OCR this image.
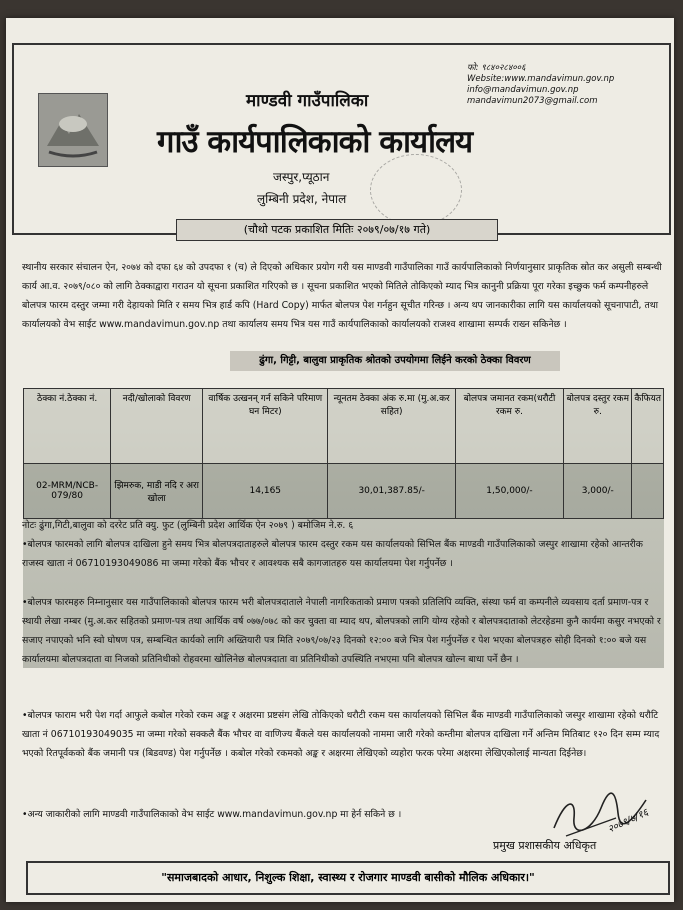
फो: ९८४०२८४००६
Website:www.mandavimun.gov.np
info@mandavimun.gov.np
mandavimun2073@gmail.com
माण्डवी गाउँपालिका
गाउँ कार्यपालिकाको कार्यालय
जस्पुर,प्यूठान
लुम्बिनी प्रदेश, नेपाल
(चौथो पटक प्रकाशित मितिः २०७९/०७/१७ गते)
स्थानीय सरकार संचालन ऐन, २०७४ को दफा ६४ को उपदफा १ (च) ले दिएको अधिकार प्रयोग गरी यस माण्डवी गाउँपालिका गाउँ कार्यपालिकाको निर्णयानुसार प्राकृतिक स्रोत कर असुली सम्बन्धी कार्य आ.व. २०७९/०८० को लागि ठेक्काद्वारा गराउन यो सूचना प्रकाशित गरिएको छ । सूचना प्रकाशित भएको मितिले तोकिएको म्याद भित्र कानुनी प्रक्रिया पूरा गरेका इच्छुक फर्म कम्पनीहरुले बोलपत्र फारम दस्तुर जम्मा गरी देहायको मिति र समय भित्र हार्ड कपि (Hard Copy) मार्फत बोलपत्र पेश गर्नहुन सूचीत गरिन्छ । अन्य थप जानकारीका लागि यस कार्यालयको सूचनापाटी, तथा कार्यालयको वेभ साईट www.mandavimun.gov.np तथा कार्यालय समय भित्र यस गाउँ कार्यपालिकाको कार्यालयको राजश्व शाखामा सम्पर्क राख्न सकिनेछ ।
ढुंगा, गिट्टी, बालुवा प्राकृतिक श्रोतको उपयोगमा लिईने करको ठेक्का विवरण
ठेक्का नं.ठेक्का नं.	नदी/खोलाको विवरण	वार्षिक उत्खनन् गर्न सकिने परिमाण घन मिटर)	न्यूनतम ठेक्का अंक रु.मा (मु.अ.कर सहित)	बोलपत्र जमानत रकम(धरौटी रकम रु.	बोलपत्र दस्तुर रकम रु.	कैफियत
02-MRM/NCB-079/80	झिमरुक, माडी नदि र अरा खोला	14,165	30,01,387.85/-	1,50,000/-	3,000/-	
नोटः ढुंगा,गिटी,बालुवा को दररेट प्रति क्यु. फुट (लुम्बिनी प्रदेश आर्थिक ऐन २०७९ ) बमोजिम ने.रु. ६
•बोलपत्र फारमको लागि बोलपत्र दाखिला हुने समय भित्र बोलपत्रदाताहरुले बोलपत्र फारम दस्तुर रकम यस कार्यालयको सिभिल बैंक माण्डवी गाउँपालिकाको जस्पुर शाखामा रहेको आन्तरीक राजस्व खाता नं 06710193049086 मा जम्मा गरेको बैंक भौचर र आवश्यक सबै कागजातहरु यस कार्यालयमा पेश गर्नुपर्नेछ ।
•बोलपत्र फारमहरु निम्नानुसार यस गाउँपालिकाको बोलपत्र फारम भरी बोलपत्रदाताले नेपाली नागरिकताको प्रमाण पत्रको प्रतिलिपि व्यक्ति, संस्था फर्म वा कम्पनीले व्यवसाय दर्ता प्रमाण-पत्र र स्थायी लेखा नम्बर (मु.अ.कर सहितको प्रमाण-पत्र तथा आर्थिक वर्ष ०७७/०७८ को कर चुक्ता वा म्याद थप, बोलपत्रको लागि योग्य रहेको र बोलपत्रदाताको लेटरहेडमा कुनै कार्यमा कसुर नभएको र सजाए नपाएको भनि स्वो घोषण पत्र, सम्बन्धित कार्यको लागि अख्तियारी पत्र मिति २०७९/०७/२३ दिनको १२:०० बजे भित्र पेश गर्नुपर्नेछ र पेश भएका बोलपत्रहरु सोही दिनको १:०० बजे यस कार्यालयमा बोलपत्रदाता वा निजको प्रतिनिधीको रोहवरमा खोलिनेछ बोलपत्रदाता वा प्रतिनिधीको उपस्थिति नभएमा पनि बोलपत्र खोल्न बाधा पर्ने छैन ।
•बोलपत्र फाराम भरी पेश गर्दा आफुले कबोल गरेको रकम अङ्क र अक्षरमा प्रष्टसंग लेखि तोकिएको धरौटी रकम यस कार्यालयको सिभिल बैंक माण्डवी गाउँपालिकाको जस्पुर शाखामा रहेको धरौटि खाता नं 06710193049035 मा जम्मा गरेको सक्कलै बैंक भौचर वा वाणिज्य बैंकले यस कार्यालयको नाममा जारी गरेको कम्तीमा बोलपत्र दाखिला गर्ने अन्तिम मितिबाट १२० दिन सम्म म्याद भएको रितपूर्वकको बैंक जमानी पत्र (बिडवण्ड) पेश गर्नुपर्नेछ । कबोल गरेको रकमको अङ्क र अक्षरमा लेखिएको व्यहोरा फरक परेमा अक्षरमा लेखिएकोलाई मान्यता दिईनेछ।
•अन्य जाकारीको लागि माण्डवी गाउँपालिकाको वेभ साईट www.mandavimun.gov.np मा हेर्न सकिने छ ।	२०७९/७/१६
प्रमुख प्रशासकीय अधिकृत
"समाजबादको आधार, निशुल्क शिक्षा, स्वास्थ्य र रोजगार माण्डवी बासीको मौलिक अधिकार।"
